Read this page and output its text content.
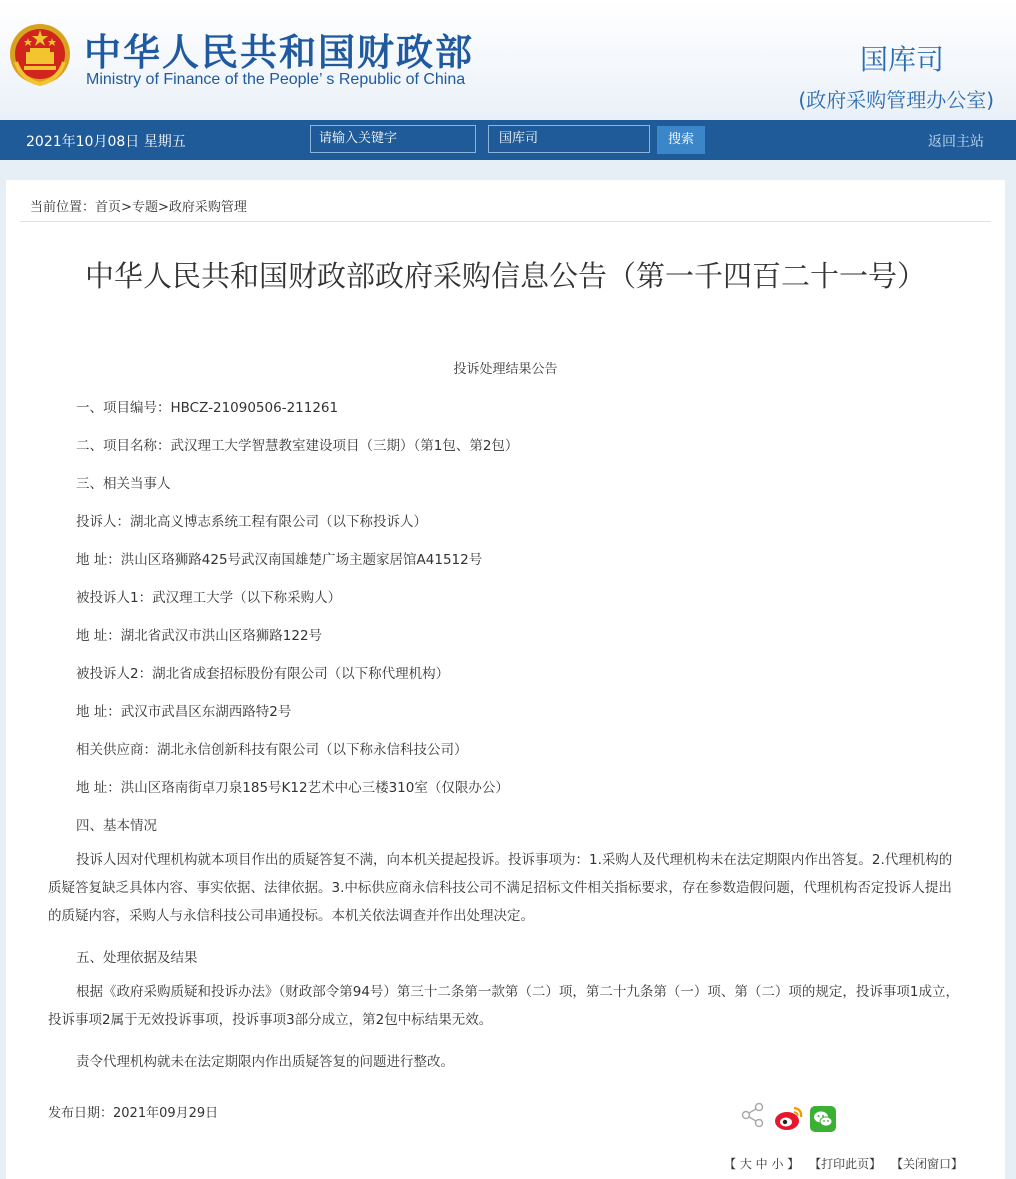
中华人民共和国财政部
Ministry of Finance of the People’ s Republic of China
国库司
(政府采购管理办公室)
2021年10月08日 星期五	请输入关键字	国库司	搜索	返回主站
当前位置：首页>专题>政府采购管理
中华人民共和国财政部政府采购信息公告（第一千四百二十一号）
投诉处理结果公告
一、项目编号：HBCZ-21090506-211261
二、项目名称：武汉理工大学智慧教室建设项目（三期）（第1包、第2包）
三、相关当事人
投诉人：湖北高义博志系统工程有限公司（以下称投诉人）
地 址：洪山区珞狮路425号武汉南国雄楚广场主题家居馆A41512号
被投诉人1：武汉理工大学（以下称采购人）
地 址：湖北省武汉市洪山区珞狮路122号
被投诉人2：湖北省成套招标股份有限公司（以下称代理机构）
地 址：武汉市武昌区东湖西路特2号
相关供应商：湖北永信创新科技有限公司（以下称永信科技公司）
地 址：洪山区珞南街卓刀泉185号K12艺术中心三楼310室（仅限办公）
四、基本情况
投诉人因对代理机构就本项目作出的质疑答复不满，向本机关提起投诉。投诉事项为：1.采购人及代理机构未在法定期限内作出答复。2.代理机构的质疑答复缺乏具体内容、事实依据、法律依据。3.中标供应商永信科技公司不满足招标文件相关指标要求，存在参数造假问题，代理机构否定投诉人提出的质疑内容，采购人与永信科技公司串通投标。本机关依法调查并作出处理决定。
五、处理依据及结果
根据《政府采购质疑和投诉办法》（财政部令第94号）第三十二条第一款第（二）项，第二十九条第（一）项、第（二）项的规定，投诉事项1成立，投诉事项2属于无效投诉事项，投诉事项3部分成立，第2包中标结果无效。
责令代理机构就未在法定期限内作出质疑答复的问题进行整改。
发布日期：2021年09月29日
【 大 中 小 】 【打印此页】 【关闭窗口】
